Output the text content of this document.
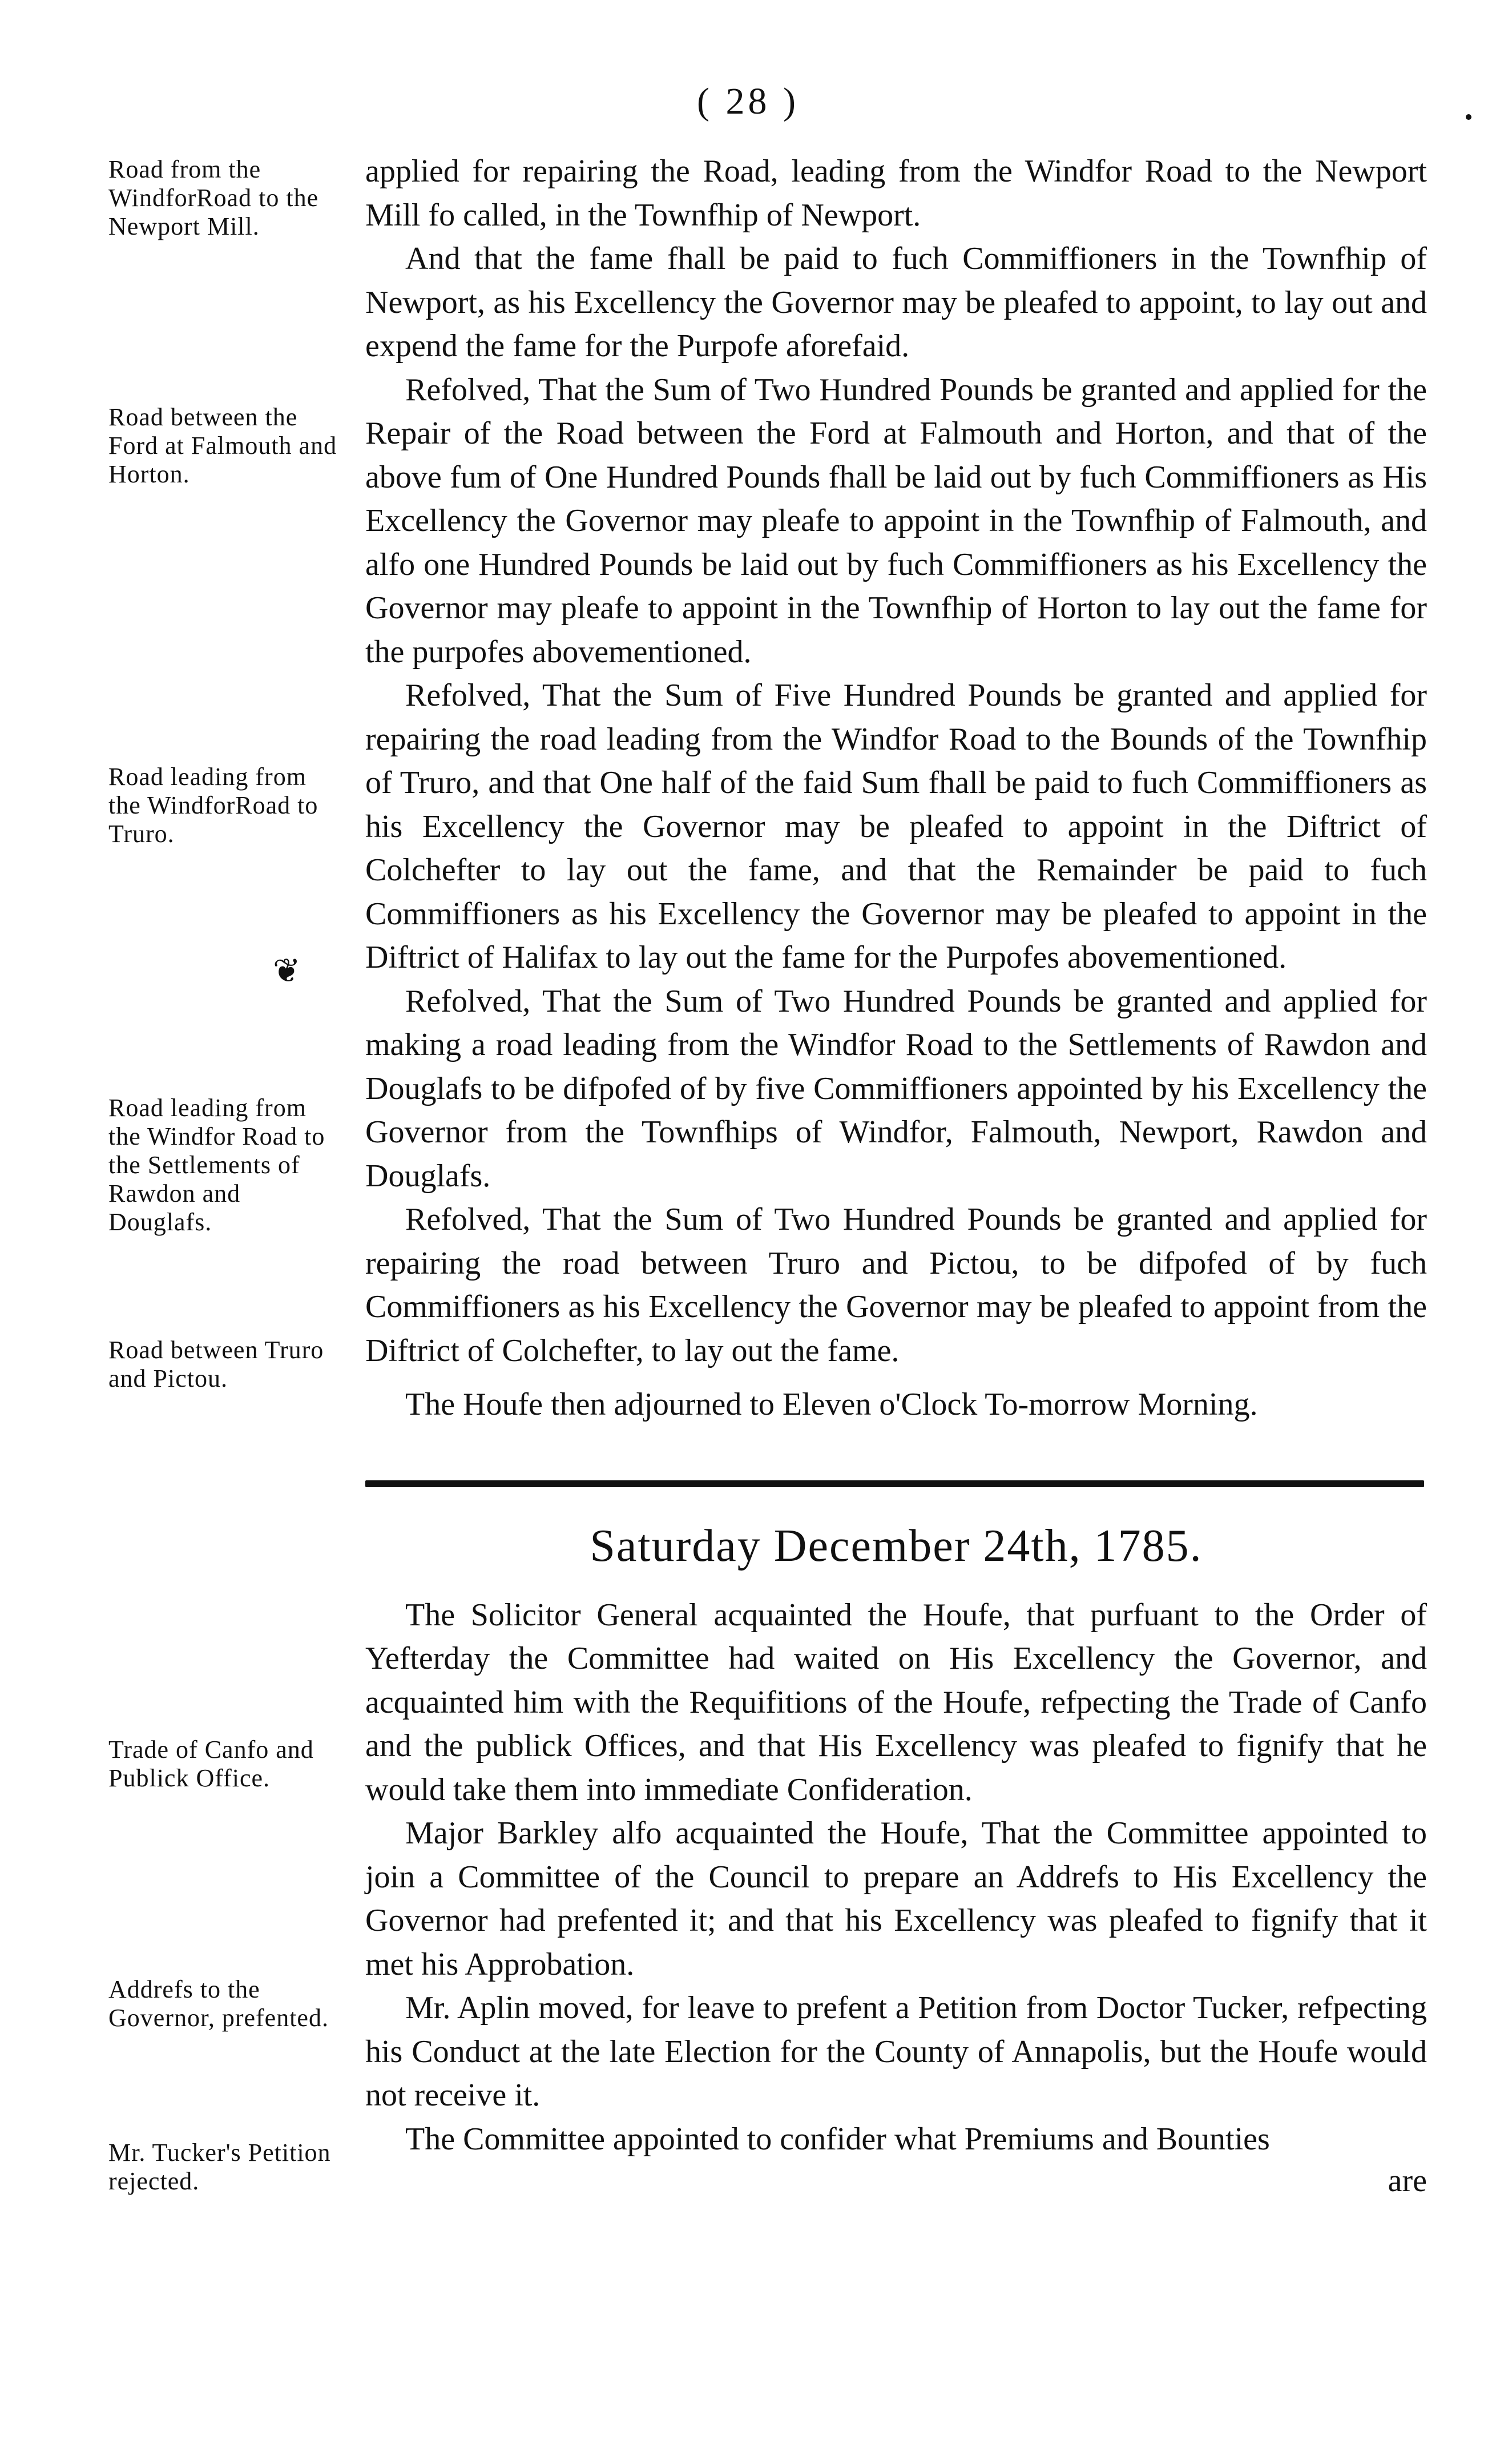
( 28 )
Road from the WindforRoad to the Newport Mill.
Road between the Ford at Falmouth and Horton.
Road leading from the WindforRoad to Truro.
❦
Road leading from the Windfor Road to the Settlements of Rawdon and Douglafs.
Road between Truro and Pictou.
Trade of Canfo and Publick Office.
Addrefs to the Governor, prefented.
Mr. Tucker's Petition rejected.

applied for repairing the Road, leading from the Windfor Road to the Newport Mill fo called, in the Townfhip of Newport.

And that the fame fhall be paid to fuch Commiffioners in the Townfhip of Newport, as his Excellency the Governor may be pleafed to appoint, to lay out and expend the fame for the Purpofe aforefaid.

Refolved, That the Sum of Two Hundred Pounds be granted and applied for the Repair of the Road between the Ford at Falmouth and Horton, and that of the above fum of One Hundred Pounds fhall be laid out by fuch Commiffioners as His Excellency the Governor may pleafe to appoint in the Townfhip of Falmouth, and alfo one Hundred Pounds be laid out by fuch Commiffioners as his Excellency the Governor may pleafe to appoint in the Townfhip of Horton to lay out the fame for the purpofes abovementioned.

Refolved, That the Sum of Five Hundred Pounds be granted and applied for repairing the road leading from the Windfor Road to the Bounds of the Townfhip of Truro, and that One half of the faid Sum fhall be paid to fuch Commiffioners as his Excellency the Governor may be pleafed to appoint in the Diftrict of Colchefter to lay out the fame, and that the Remainder be paid to fuch Commiffioners as his Excellency the Governor may be pleafed to appoint in the Diftrict of Halifax to lay out the fame for the Purpofes abovementioned.

Refolved, That the Sum of Two Hundred Pounds be granted and applied for making a road leading from the Windfor Road to the Settlements of Rawdon and Douglafs to be difpofed of by five Commiffioners appointed by his Excellency the Governor from the Townfhips of Windfor, Falmouth, Newport, Rawdon and Douglafs.

Refolved, That the Sum of Two Hundred Pounds be granted and applied for repairing the road between Truro and Pictou, to be difpofed of by fuch Commiffioners as his Excellency the Governor may be pleafed to appoint from the Diftrict of Colchefter, to lay out the fame.

The Houfe then adjourned to Eleven o'Clock To-morrow Morning.

Saturday December 24th, 1785.

The Solicitor General acquainted the Houfe, that purfuant to the Order of Yefterday the Committee had waited on His Excellency the Governor, and acquainted him with the Requifitions of the Houfe, refpecting the Trade of Canfo and the publick Offices, and that His Excellency was pleafed to fignify that he would take them into immediate Confideration.

Major Barkley alfo acquainted the Houfe, That the Committee appointed to join a Committee of the Council to prepare an Addrefs to His Excellency the Governor had prefented it; and that his Excellency was pleafed to fignify that it met his Approbation.

Mr. Aplin moved, for leave to prefent a Petition from Doctor Tucker, refpecting his Conduct at the late Election for the County of Annapolis, but the Houfe would not receive it.

The Committee appointed to confider what Premiums and Bounties

are
